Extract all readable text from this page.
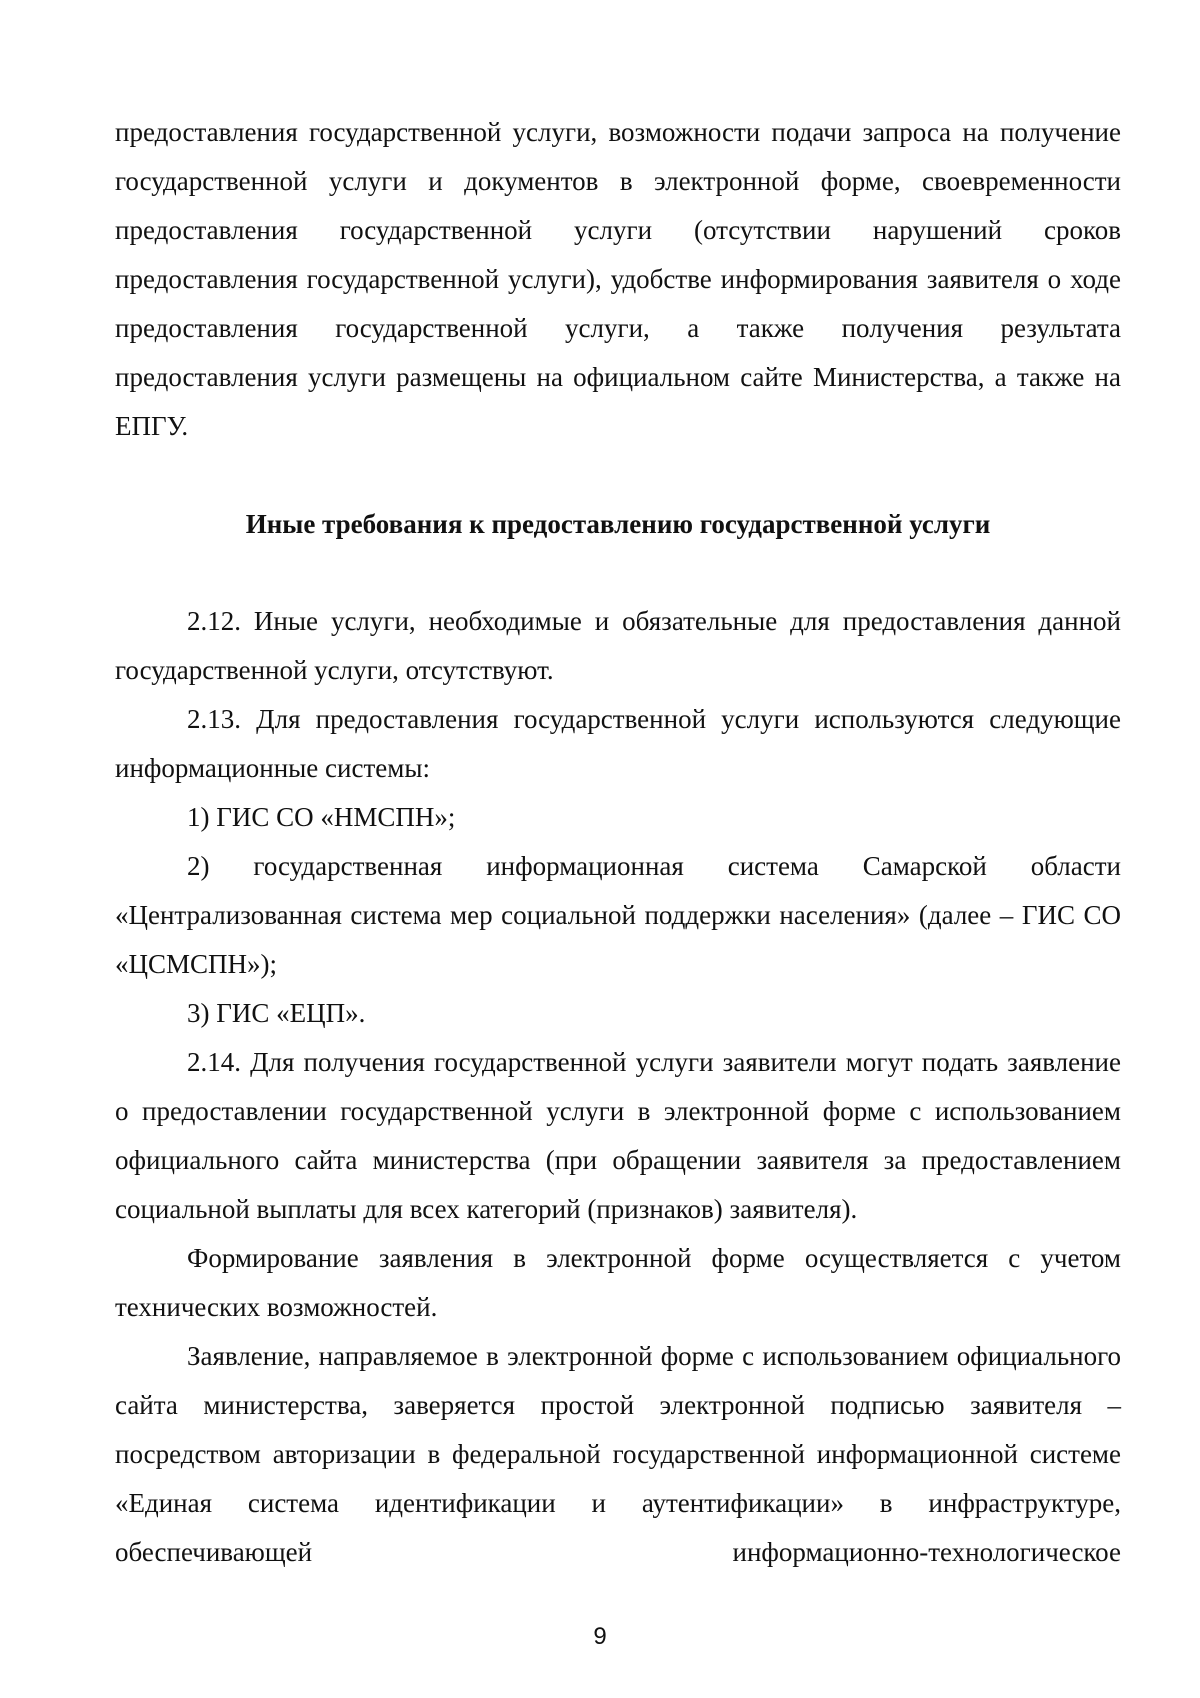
предоставления государственной услуги, возможности подачи запроса на получение государственной услуги и документов в электронной форме, своевременности предоставления государственной услуги (отсутствии нарушений сроков предоставления государственной услуги), удобстве информирования заявителя о ходе предоставления государственной услуги, а также получения результата предоставления услуги размещены на официальном сайте Министерства, а также на ЕПГУ.

Иные требования к предоставлению государственной услуги

2.12. Иные услуги, необходимые и обязательные для предоставления данной государственной услуги, отсутствуют.

2.13. Для предоставления государственной услуги используются следующие информационные системы:

1) ГИС СО «НМСПН»;

2) государственная информационная система Самарской области «Централизованная система мер социальной поддержки населения» (далее – ГИС СО «ЦСМСПН»);

3) ГИС «ЕЦП».

2.14. Для получения государственной услуги заявители могут подать заявление о предоставлении государственной услуги в электронной форме с использованием официального сайта министерства (при обращении заявителя за предоставлением социальной выплаты для всех категорий (признаков) заявителя).

Формирование заявления в электронной форме осуществляется с учетом технических возможностей.

Заявление, направляемое в электронной форме с использованием официального сайта министерства, заверяется простой электронной подписью заявителя – посредством авторизации в федеральной государственной информационной системе «Единая система идентификации и аутентификации» в инфраструктуре, обеспечивающей информационно-технологическое

9
